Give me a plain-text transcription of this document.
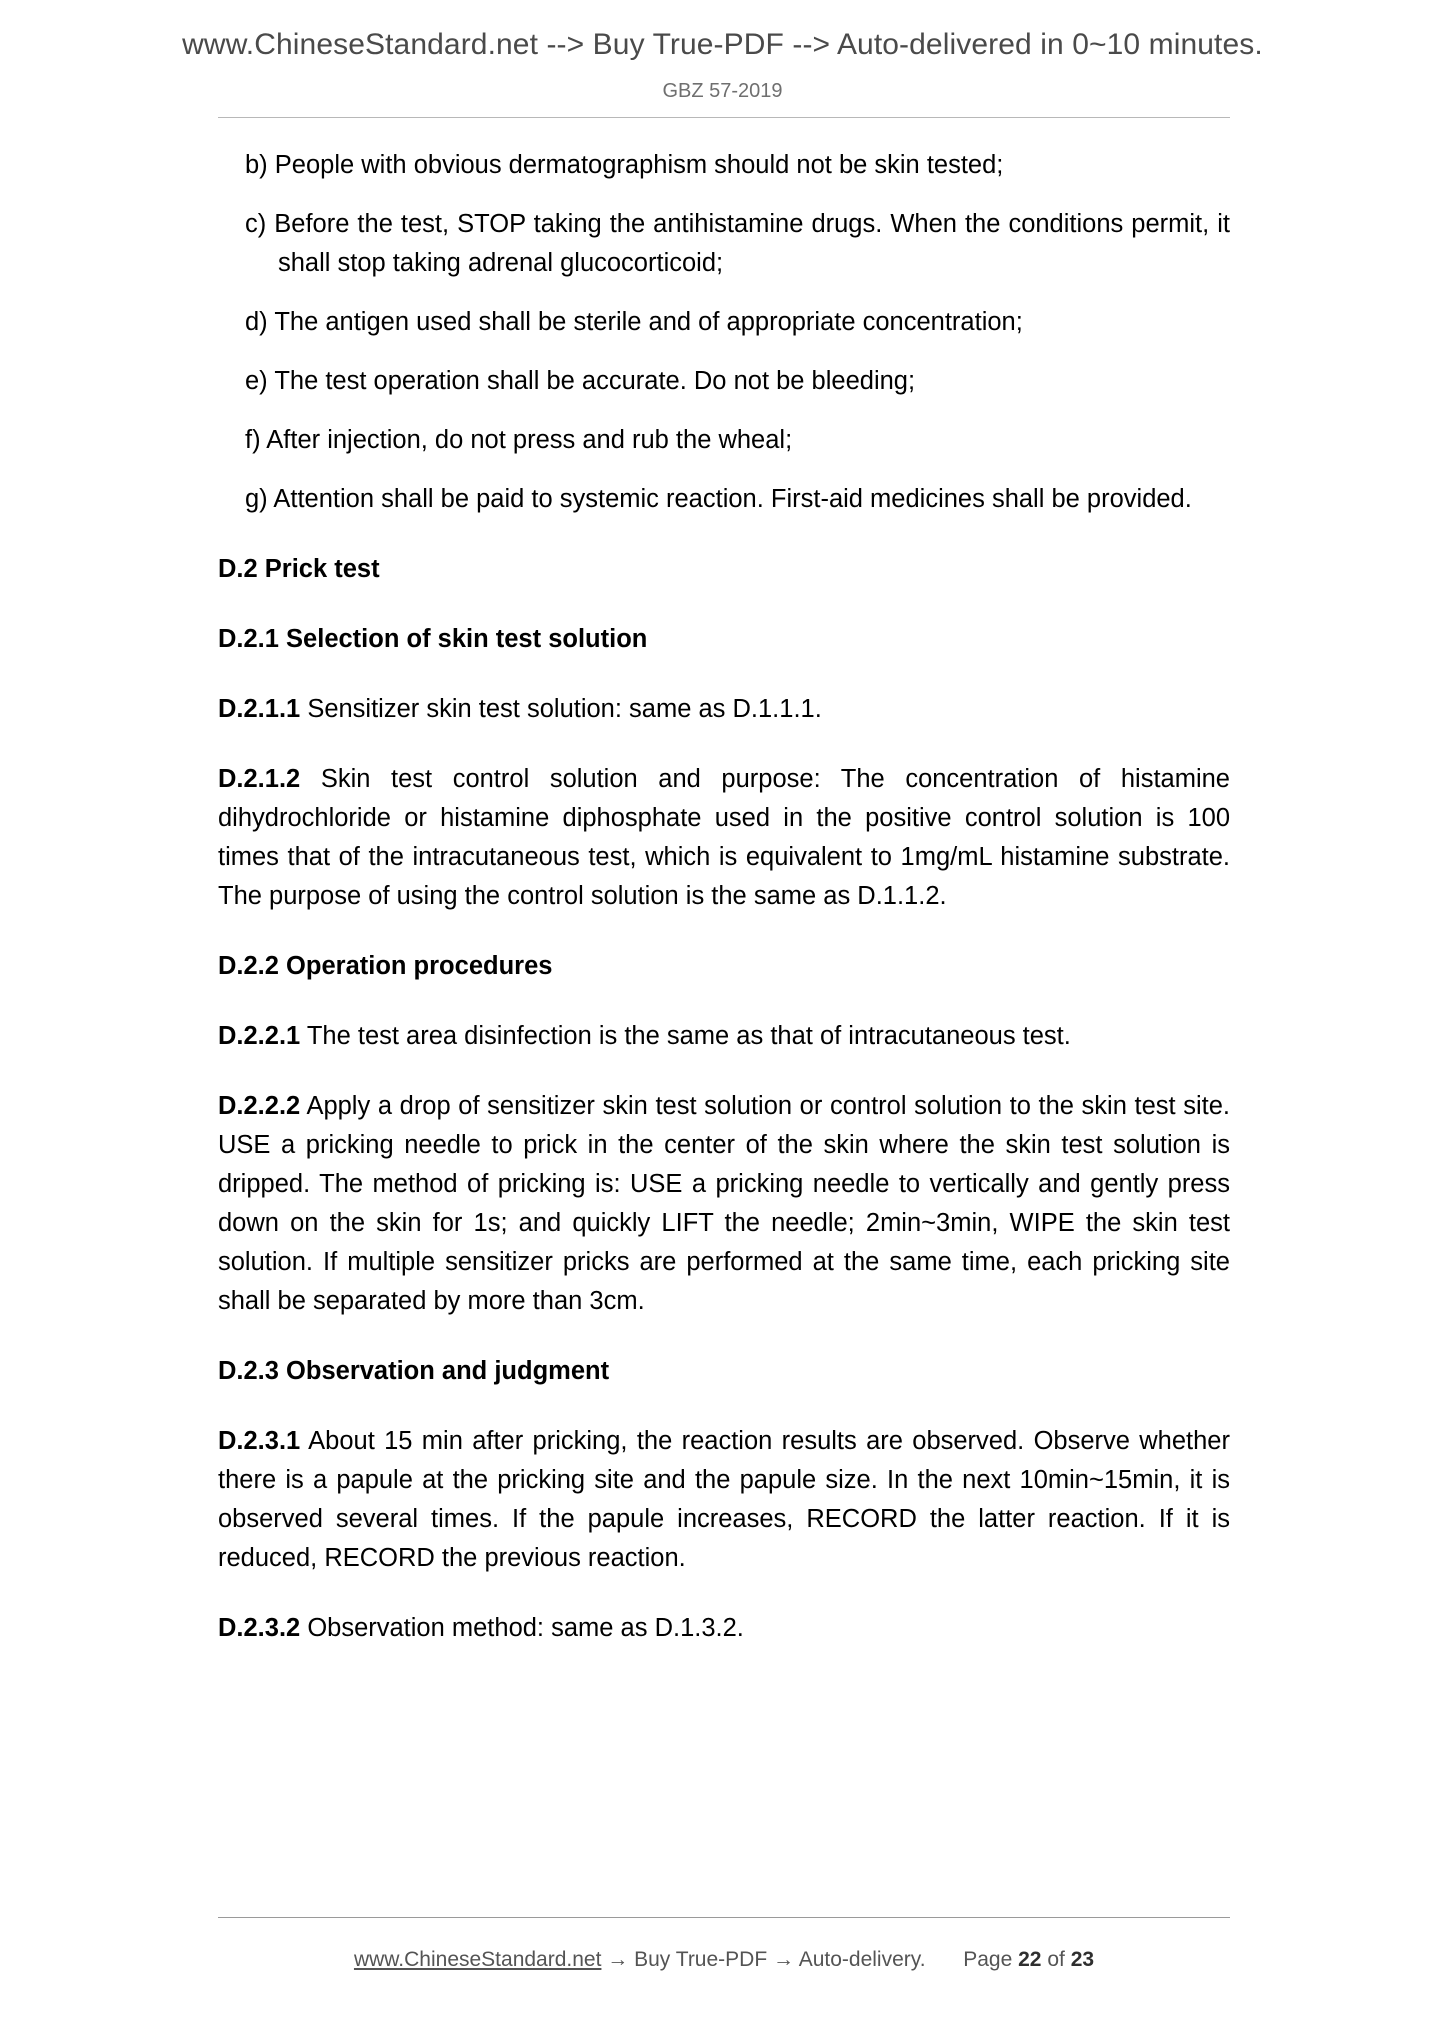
www.ChineseStandard.net --> Buy True-PDF --> Auto-delivered in 0~10 minutes.
GBZ 57-2019

b) People with obvious dermatographism should not be skin tested;

c) Before the test, STOP taking the antihistamine drugs. When the conditions permit, it shall stop taking adrenal glucocorticoid;

d) The antigen used shall be sterile and of appropriate concentration;

e) The test operation shall be accurate. Do not be bleeding;

f) After injection, do not press and rub the wheal;

g) Attention shall be paid to systemic reaction. First-aid medicines shall be provided.

D.2 Prick test

D.2.1 Selection of skin test solution

D.2.1.1 Sensitizer skin test solution: same as D.1.1.1.

D.2.1.2 Skin test control solution and purpose: The concentration of histamine dihydrochloride or histamine diphosphate used in the positive control solution is 100 times that of the intracutaneous test, which is equivalent to 1mg/mL histamine substrate. The purpose of using the control solution is the same as D.1.1.2.

D.2.2 Operation procedures

D.2.2.1 The test area disinfection is the same as that of intracutaneous test.

D.2.2.2 Apply a drop of sensitizer skin test solution or control solution to the skin test site. USE a pricking needle to prick in the center of the skin where the skin test solution is dripped. The method of pricking is: USE a pricking needle to vertically and gently press down on the skin for 1s; and quickly LIFT the needle; 2min~3min, WIPE the skin test solution. If multiple sensitizer pricks are performed at the same time, each pricking site shall be separated by more than 3cm.

D.2.3 Observation and judgment

D.2.3.1 About 15 min after pricking, the reaction results are observed. Observe whether there is a papule at the pricking site and the papule size. In the next 10min~15min, it is observed several times. If the papule increases, RECORD the latter reaction. If it is reduced, RECORD the previous reaction.

D.2.3.2 Observation method: same as D.1.3.2.

www.ChineseStandard.net → Buy True-PDF → Auto-delivery. Page 22 of 23
